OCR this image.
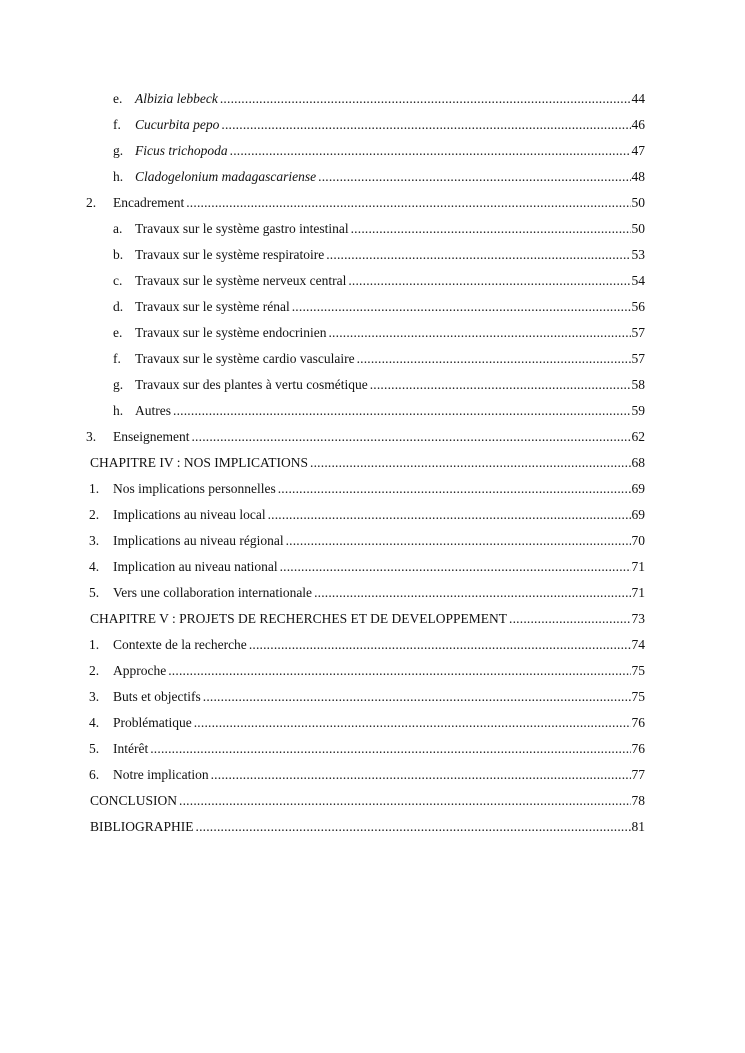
e. Albizia lebbeck .....	44
f. Cucurbita pepo .....	46
g. Ficus trichopoda .....	47
h. Cladogelonium madagascariense .....	48
2. Encadrement .....	50
a. Travaux sur le système gastro intestinal .....	50
b. Travaux sur le système respiratoire .....	53
c. Travaux sur le système nerveux central .....	54
d. Travaux sur le système rénal .....	56
e. Travaux sur le système endocrinien .....	57
f. Travaux sur le système cardio vasculaire .....	57
g. Travaux sur des plantes à vertu cosmétique .....	58
h. Autres .....	59
3. Enseignement .....	62
CHAPITRE IV : NOS IMPLICATIONS .....	68
1. Nos implications personnelles .....	69
2. Implications au niveau local .....	69
3. Implications au niveau régional .....	70
4. Implication au niveau national .....	71
5. Vers une collaboration internationale .....	71
CHAPITRE V : PROJETS DE RECHERCHES ET DE DEVELOPPEMENT .....	73
1. Contexte de la recherche .....	74
2. Approche .....	75
3. Buts et objectifs .....	75
4. Problématique .....	76
5. Intérêt .....	76
6. Notre implication .....	77
CONCLUSION .....	78
BIBLIOGRAPHIE .....	81
